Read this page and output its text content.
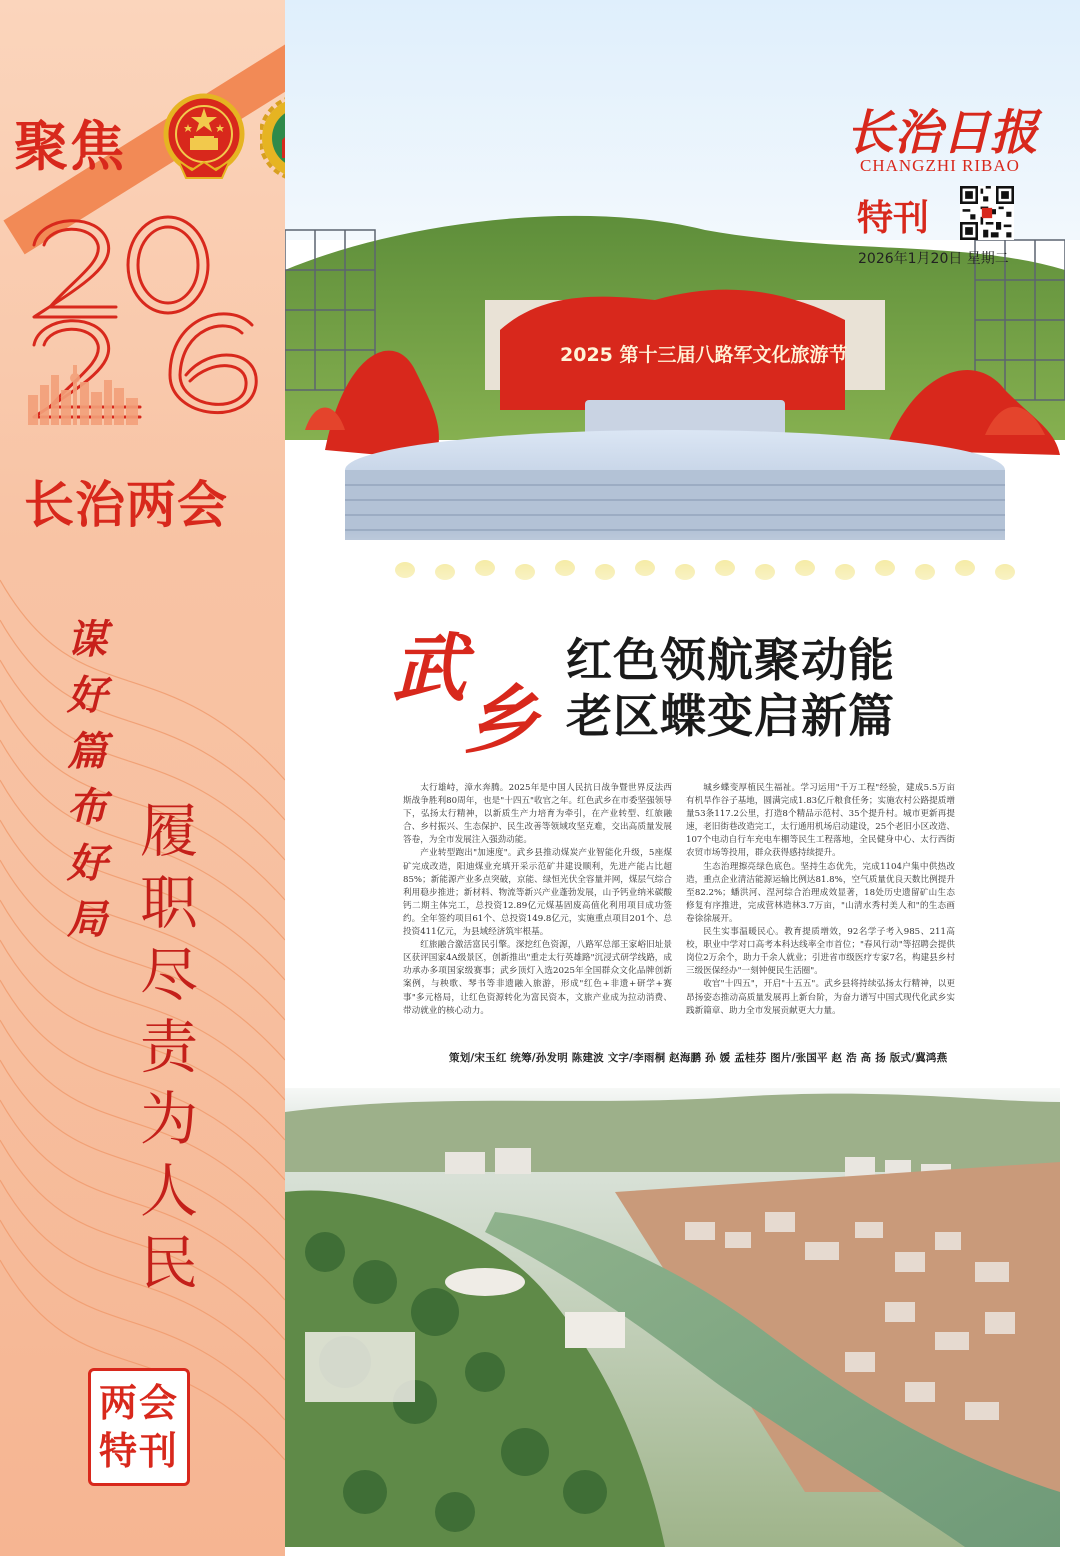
聚焦
长治两会
谋
好
篇
布
好
局
履
职
尽
责
为
人
民
两会
特刊
2025 第十三届八路军文化旅游节
长治日报
CHANGZHI RIBAO
特刊
2026年1月20日 星期二
武
乡
红色领航聚动能
老区蝶变启新篇

太行雄峙，漳水奔腾。2025年是中国人民抗日战争暨世界反法西斯战争胜利80周年，也是"十四五"收官之年。红色武乡在市委坚强领导下，弘扬太行精神，以新质生产力培育为牵引，在产业转型、红旅融合、乡村振兴、生态保护、民生改善等领域攻坚克难，交出高质量发展答卷，为全市发展注入强劲动能。

产业转型跑出"加速度"。武乡县推动煤炭产业智能化升级，5座煤矿完成改造，阳迪煤业充填开采示范矿井建设顺利，先进产能占比超85%；新能源产业多点突破，京能、绿恒光伏全容量并网，煤层气综合利用稳步推进；新材料、物流等新兴产业蓬勃发展，山予钙业纳米碳酸钙二期主体完工，总投资12.89亿元煤基固废高值化利用项目成功签约。全年签约项目61个、总投资149.8亿元，实施重点项目201个、总投资411亿元，为县域经济筑牢根基。

红旅融合激活富民引擎。深挖红色资源，八路军总部王家峪旧址景区获评国家4A级景区，创新推出"重走太行英雄路"沉浸式研学线路，成功承办多项国家级赛事；武乡顶灯入选2025年全国群众文化品牌创新案例，与秧歌、琴书等非遗融入旅游，形成"红色+非遗+研学+赛事"多元格局，让红色资源转化为富民资本，文旅产业成为拉动消费、带动就业的核心动力。

城乡蝶变厚植民生福祉。学习运用"千万工程"经验，建成5.5万亩有机旱作谷子基地，圆满完成1.83亿斤粮食任务；实施农村公路提质增量53条117.2公里，打造8个精品示范村、35个提升村。城市更新再提速，老旧街巷改造完工，太行通用机场启动建设，25个老旧小区改造、107个电动自行车充电车棚等民生工程落地，全民健身中心、太行西街农贸市场等投用，群众获得感持续提升。

生态治理擦亮绿色底色。坚持生态优先，完成1104户集中供热改造，重点企业清洁能源运输比例达81.8%，空气质量优良天数比例提升至82.2%；蟠洪河、涅河综合治理成效显著，18处历史遗留矿山生态修复有序推进，完成营林造林3.7万亩，"山清水秀村美人和"的生态画卷徐徐展开。

民生实事温暖民心。教育提质增效，92名学子考入985、211高校，职业中学对口高考本科达线率全市首位；"春风行动"等招聘会提供岗位2万余个，助力千余人就业；引进省市级医疗专家7名，构建县乡村三级医保经办"一刻钟便民生活圈"。

收官"十四五"，开启"十五五"。武乡县将持续弘扬太行精神，以更昂扬姿态推动高质量发展再上新台阶，为奋力谱写中国式现代化武乡实践新篇章、助力全市发展贡献更大力量。

策划/宋玉红 统筹/孙发明 陈建波 文字/李雨桐 赵海鹏 孙 媛 孟桂芬 图片/张国平 赵 浩 高 扬 版式/冀鸿燕
